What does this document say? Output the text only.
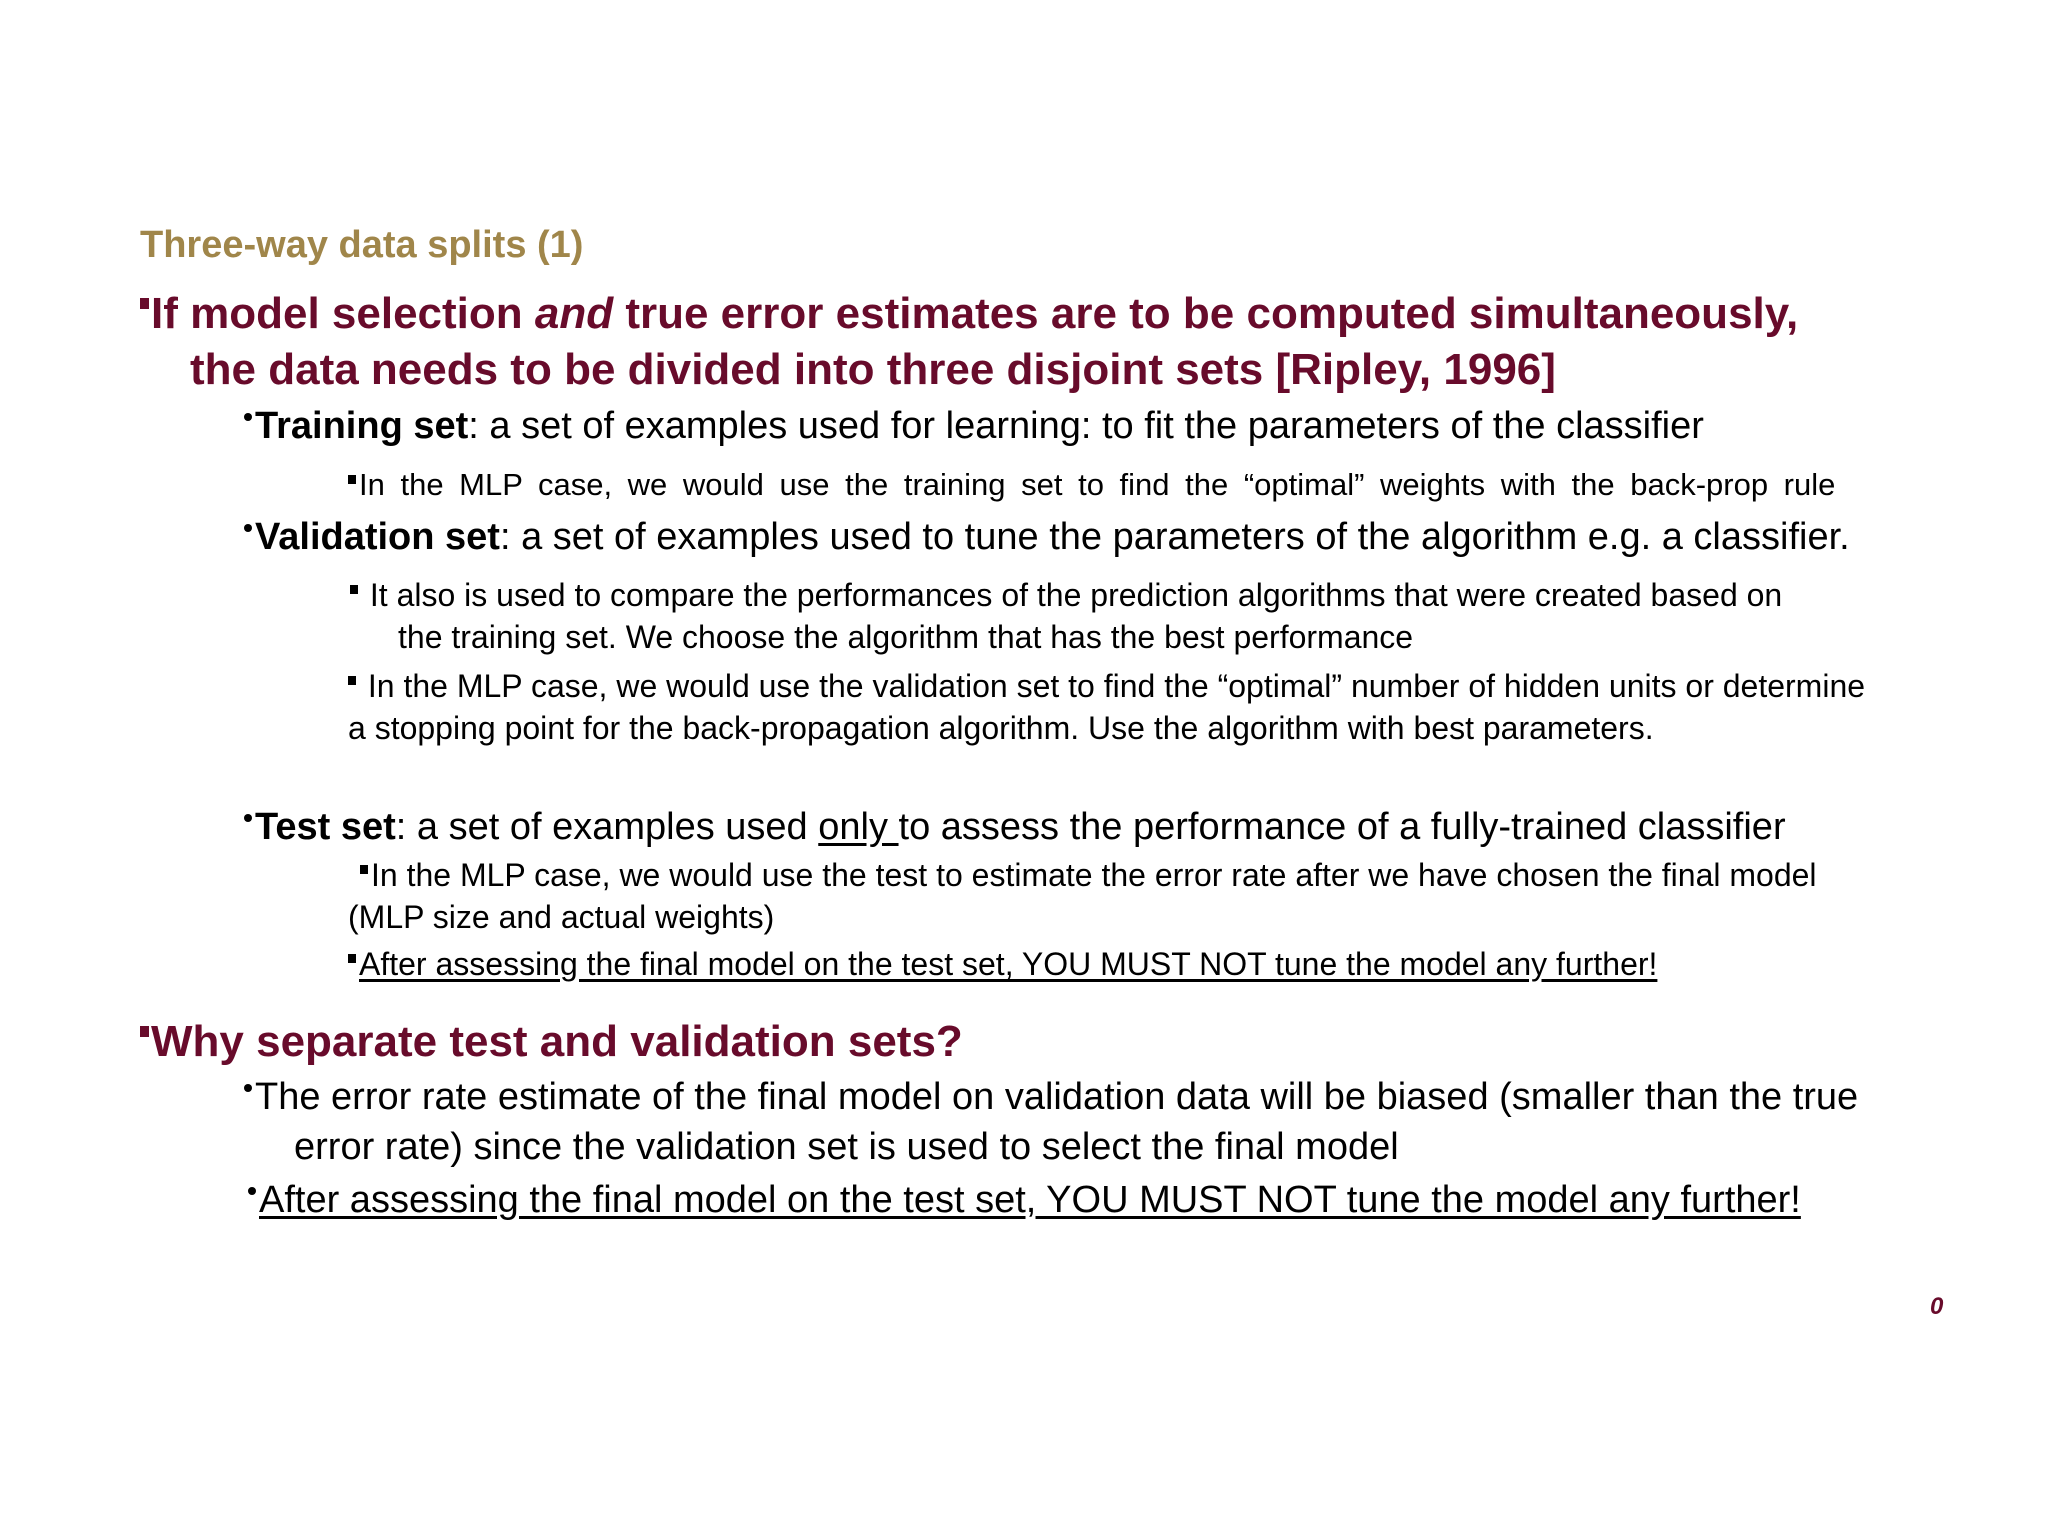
Three-way data splits (1)
If model selection and true error estimates are to be computed simultaneously,
the data needs to be divided into three disjoint sets [Ripley, 1996]
Training set: a set of examples used for learning: to fit the parameters of the classifier
In the MLP case, we would use the training set to find the “optimal” weights with the back-prop rule
Validation set: a set of examples used to tune the parameters of the algorithm e.g. a classifier.
It also is used to compare the performances of the prediction algorithms that were created based on
the training set. We choose the algorithm that has the best performance
In the MLP case, we would use the validation set to find the “optimal” number of hidden units or determine
a stopping point for the back-propagation algorithm. Use the algorithm with best parameters.
Test set: a set of examples used only to assess the performance of a fully-trained classifier
In the MLP case, we would use the test to estimate the error rate after we have chosen the final model
(MLP size and actual weights)
After assessing the final model on the test set, YOU MUST NOT tune the model any further!
Why separate test and validation sets?
The error rate estimate of the final model on validation data will be biased (smaller than the true
error rate) since the validation set is used to select the final model
After assessing the final model on the test set, YOU MUST NOT tune the model any further!
0
